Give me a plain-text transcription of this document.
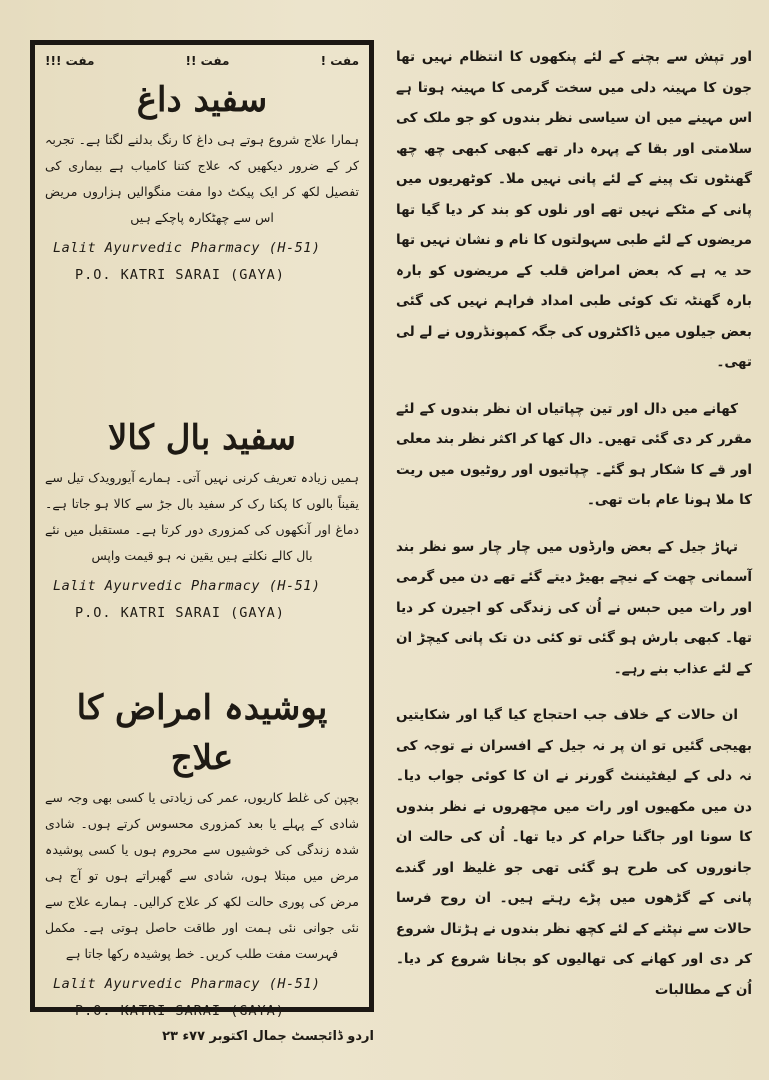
مفت !
مفت !!
مفت !!!
سفید داغ
ہمارا علاج شروع ہوتے ہی داغ کا رنگ بدلنے لگتا ہے۔ تجربہ کر کے ضرور دیکھیں کہ علاج کتنا کامیاب ہے بیماری کی تفصیل لکھ کر ایک پیکٹ دوا مفت منگوالیں ہزاروں مریض اس سے چھٹکارہ پاچکے ہیں
Lalit Ayurvedic Pharmacy (H-51)
P.O. KATRI SARAI (GAYA)
سفید بال کالا
ہمیں زیادہ تعریف کرنی نہیں آتی۔ ہمارے آیورویدک تیل سے یقیناً بالوں کا پکنا رک کر سفید بال جڑ سے کالا ہو جاتا ہے۔ دماغ اور آنکھوں کی کمزوری دور کرتا ہے۔ مستقبل میں نئے بال کالے نکلتے ہیں یقین نہ ہو قیمت واپس
Lalit Ayurvedic Pharmacy (H-51)
P.O. KATRI SARAI (GAYA)
پوشیدہ امراض کا علاج
بچپن کی غلط کاریوں، عمر کی زیادتی یا کسی بھی وجہ سے شادی کے پہلے یا بعد کمزوری محسوس کرتے ہوں۔ شادی شدہ زندگی کی خوشیوں سے محروم ہوں یا کسی پوشیدہ مرض میں مبتلا ہوں، شادی سے گھبراتے ہوں تو آج ہی مرض کی پوری حالت لکھ کر علاج کرالیں۔ ہمارے علاج سے نئی جوانی نئی ہمت اور طاقت حاصل ہوتی ہے۔ مکمل فہرست مفت طلب کریں۔ خط پوشیدہ رکھا جاتا ہے
Lalit Ayurvedic Pharmacy (H-51)
P.O. KATRI SARAI (GAYA)
اردو ڈائجسٹ جمال اکتوبر ۷۷ء ۲۳

اور تپش سے بچنے کے لئے پنکھوں کا انتظام نہیں تھا جون کا مہینہ دلی میں سخت گرمی کا مہینہ ہوتا ہے اس مہینے میں ان سیاسی نظر بندوں کو جو ملک کی سلامتی اور بقا کے پہرہ دار تھے کبھی کبھی چھ چھ گھنٹوں تک پینے کے لئے پانی نہیں ملا۔ کوٹھریوں میں پانی کے مٹکے نہیں تھے اور نلوں کو بند کر دیا گیا تھا مریضوں کے لئے طبی سہولتوں کا نام و نشان نہیں تھا حد یہ ہے کہ بعض امراض قلب کے مریضوں کو بارہ بارہ گھنٹہ تک کوئی طبی امداد فراہم نہیں کی گئی بعض جیلوں میں ڈاکٹروں کی جگہ کمپونڈروں نے لے لی تھی۔

کھانے میں دال اور تین چپاتیاں ان نظر بندوں کے لئے مقرر کر دی گئی تھیں۔ دال کھا کر اکثر نظر بند معلی اور قے کا شکار ہو گئے۔ چپاتیوں اور روٹیوں میں ریت کا ملا ہونا عام بات تھی۔

تہاڑ جیل کے بعض وارڈوں میں چار چار سو نظر بند آسمانی چھت کے نیچے بھیڑ دیتے گئے تھے دن میں گرمی اور رات میں حبس نے اُن کی زندگی کو اجیرن کر دیا تھا۔ کبھی بارش ہو گئی تو کئی دن تک پانی کیچڑ ان کے لئے عذاب بنے رہے۔

ان حالات کے خلاف جب احتجاج کیا گیا اور شکایتیں بھیجی گئیں تو ان پر نہ جیل کے افسران نے توجہ کی نہ دلی کے لیفٹیننٹ گورنر نے ان کا کوئی جواب دیا۔ دن میں مکھیوں اور رات میں مچھروں نے نظر بندوں کا سونا اور جاگنا حرام کر دیا تھا۔ اُن کی حالت ان جانوروں کی طرح ہو گئی تھی جو غلیظ اور گندے پانی کے گڑھوں میں پڑے رہتے ہیں۔ ان روح فرسا حالات سے نپٹنے کے لئے کچھ نظر بندوں نے ہڑتال شروع کر دی اور کھانے کی تھالیوں کو بجانا شروع کر دیا۔ اُن کے مطالبات
